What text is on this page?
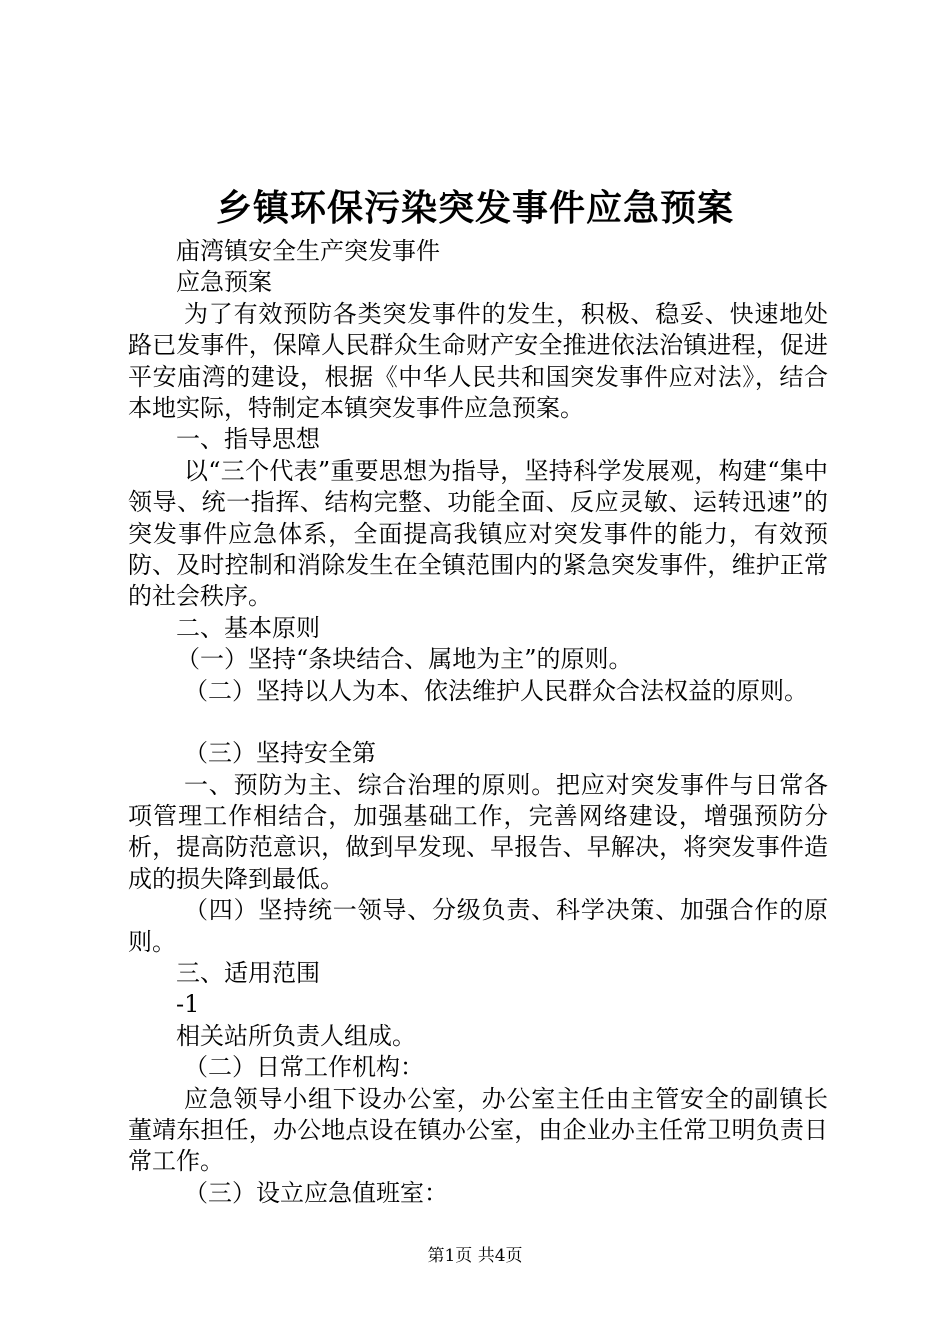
乡镇环保污染突发事件应急预案

庙湾镇安全生产突发事件

应急预案

为了有效预防各类突发事件的发生，积极、稳妥、快速地处路已发事件，保障人民群众生命财产安全推进依法治镇进程，促进平安庙湾的建设，根据《中华人民共和国突发事件应对法》，结合本地实际，特制定本镇突发事件应急预案。

一、指导思想

以“三个代表”重要思想为指导，坚持科学发展观，构建“集中领导、统一指挥、结构完整、功能全面、反应灵敏、运转迅速”的突发事件应急体系，全面提高我镇应对突发事件的能力，有效预防、及时控制和消除发生在全镇范围内的紧急突发事件，维护正常的社会秩序。

二、基本原则

（一）坚持“条块结合、属地为主”的原则。

（二）坚持以人为本、依法维护人民群众合法权益的原则。

（三）坚持安全第

一、预防为主、综合治理的原则。把应对突发事件与日常各项管理工作相结合，加强基础工作，完善网络建设，增强预防分析，提高防范意识，做到早发现、早报告、早解决，将突发事件造成的损失降到最低。

（四）坚持统一领导、分级负责、科学决策、加强合作的原则。

三、适用范围

-1

相关站所负责人组成。

（二）日常工作机构：

应急领导小组下设办公室，办公室主任由主管安全的副镇长董靖东担任，办公地点设在镇办公室，由企业办主任常卫明负责日常工作。

（三）设立应急值班室：

第1页 共4页
